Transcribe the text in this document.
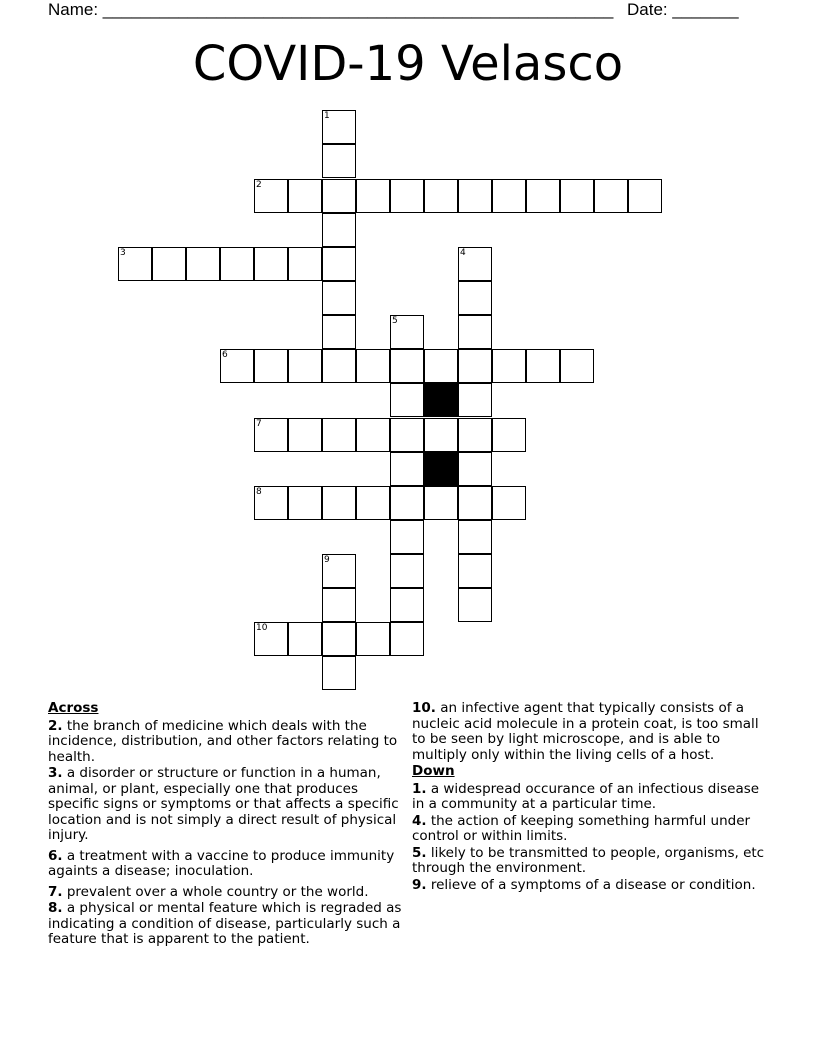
Name: ______________________________________________________ Date: _______
COVID-19 Velasco
1
2
3	4
5
6
7
8
9
10
Across
2. the branch of medicine which deals with the incidence, distribution, and other factors relating to health.
3. a disorder or structure or function in a human, animal, or plant, especially one that produces specific signs or symptoms or that affects a specific location and is not simply a direct result of physical injury.
6. a treatment with a vaccine to produce immunity againts a disease; inoculation.
7. prevalent over a whole country or the world.
8. a physical or mental feature which is regraded as indicating a condition of disease, particularly such a feature that is apparent to the patient.
10. an infective agent that typically consists of a nucleic acid molecule in a protein coat, is too small to be seen by light microscope, and is able to multiply only within the living cells of a host.
Down
1. a widespread occurance of an infectious disease in a community at a particular time.
4. the action of keeping something harmful under control or within limits.
5. likely to be transmitted to people, organisms, etc through the environment.
9. relieve of a symptoms of a disease or condition.
